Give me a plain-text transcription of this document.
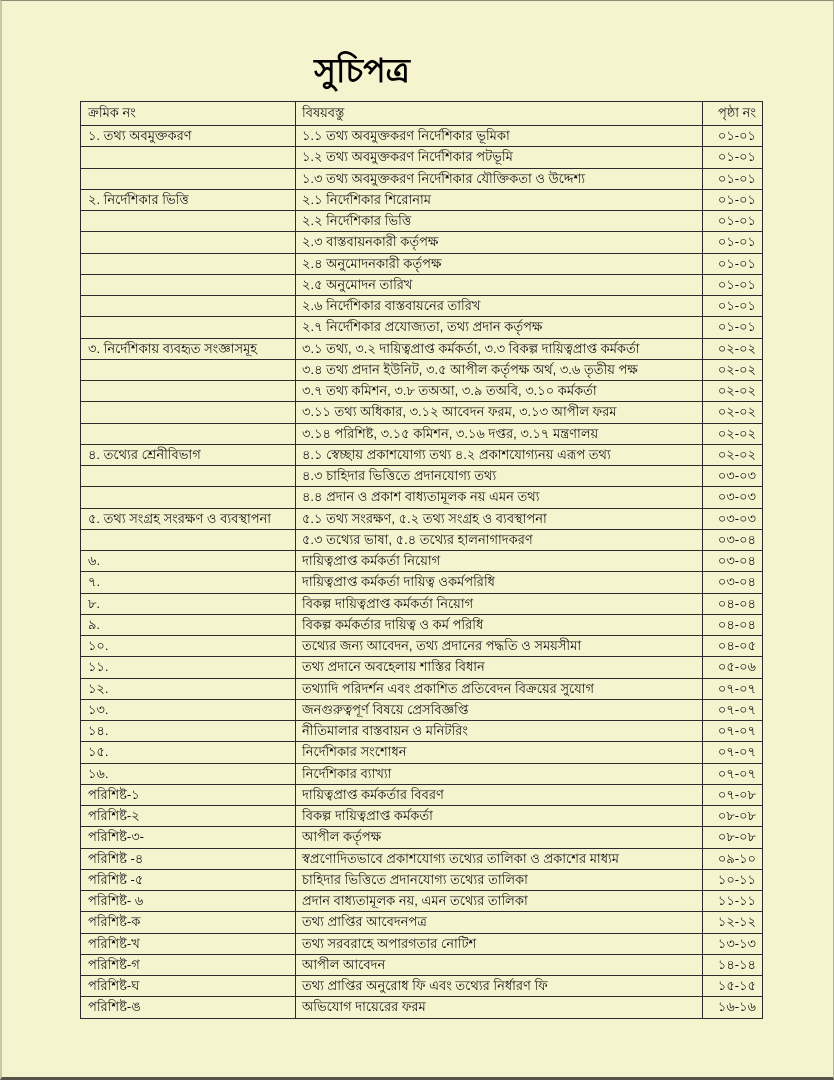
সুচিপত্র
ক্রমিক নং	বিষয়বস্তু	পৃষ্ঠা নং
১. তথ্য অবমুক্তকরণ	১.১ তথ্য অবমুক্তকরণ নির্দেশিকার ভূমিকা	০১-০১
	১.২ তথ্য অবমুক্তকরণ নির্দেশিকার পটভূমি	০১-০১
	১.৩ তথ্য অবমুক্তকরণ নির্দেশিকার যৌক্তিকতা ও উদ্দেশ্য	০১-০১
২. নির্দেশিকার ভিত্তি	২.১ নির্দেশিকার শিরোনাম	০১-০১
	২.২ নির্দেশিকার ভিত্তি	০১-০১
	২.৩ বাস্তবায়নকারী কর্তৃপক্ষ	০১-০১
	২.৪ অনুমোদনকারী কর্তৃপক্ষ	০১-০১
	২.৫ অনুমোদন তারিখ	০১-০১
	২.৬ নির্দেশিকার বাস্তবায়নের তারিখ	০১-০১
	২.৭ নির্দেশিকার প্রযোজ্যতা, তথ্য প্রদান কর্তৃপক্ষ	০১-০১
৩. নির্দেশিকায় ব্যবহৃত সংজ্ঞাসমূহ	৩.১ তথ্য, ৩.২ দায়িত্বপ্রাপ্ত কর্মকর্তা, ৩.৩ বিকল্প দায়িত্বপ্রাপ্ত কর্মকর্তা	০২-০২
	৩.৪ তথ্য প্রদান ইউনিট, ৩.৫ আপীল কর্তৃপক্ষ অর্থ, ৩.৬ তৃতীয় পক্ষ	০২-০২
	৩.৭ তথ্য কমিশন, ৩.৮ তঅআ, ৩.৯ তঅবি, ৩.১০ কর্মকর্তা	০২-০২
	৩.১১ তথ্য অধিকার, ৩.১২ আবেদন ফরম, ৩.১৩ আপীল ফরম	০২-০২
	৩.১৪ পরিশিষ্ট, ৩.১৫ কমিশন, ৩.১৬ দপ্তর, ৩.১৭ মন্ত্রণালয়	০২-০২
৪. তথ্যের শ্রেনীবিভাগ	৪.১ স্বেচ্ছায় প্রকাশযোগ্য তথ্য ৪.২ প্রকাশযোগ্যনয় এরূপ তথ্য	০২-০২
	৪.৩ চাহিদার ভিত্তিতে প্রদানযোগ্য তথ্য	০৩-০৩
	৪.৪ প্রদান ও প্রকাশ বাধ্যতামূলক নয় এমন তথ্য	০৩-০৩
৫. তথ্য সংগ্রহ সংরক্ষণ ও ব্যবস্থাপনা	৫.১ তথ্য সংরক্ষণ, ৫.২ তথ্য সংগ্রহ ও ব্যবস্থাপনা	০৩-০৩
	৫.৩ তথ্যের ভাষা, ৫.৪ তথ্যের হালনাগাদকরণ	০৩-০৪
৬.	দায়িত্বপ্রাপ্ত কর্মকর্তা নিয়োগ	০৩-০৪
৭.	দায়িত্বপ্রাপ্ত কর্মকর্তা দায়িত্ব ওকর্মপরিধি	০৩-০৪
৮.	বিকল্প দায়িত্বপ্রাপ্ত কর্মকর্তা নিয়োগ	০৪-০৪
৯.	বিকল্প কর্মকর্তার দায়িত্ব ও কর্ম পরিধি	০৪-০৪
১০.	তথ্যের জন্য আবেদন, তথ্য প্রদানের পদ্ধতি ও সময়সীমা	০৪-০৫
১১.	তথ্য প্রদানে অবহেলায় শাস্তির বিধান	০৫-০৬
১২.	তথ্যাদি পরিদর্শন এবং প্রকাশিত প্রতিবেদন বিক্রয়ের সুযোগ	০৭-০৭
১৩.	জনগুরুত্বপূর্ণ বিষয়ে প্রেসবিজ্ঞপ্তি	০৭-০৭
১৪.	নীতিমালার বাস্তবায়ন ও মনিটরিং	০৭-০৭
১৫.	নির্দেশিকার সংশোধন	০৭-০৭
১৬.	নির্দেশিকার ব্যাখ্যা	০৭-০৭
পরিশিষ্ট-১	দায়িত্বপ্রাপ্ত কর্মকর্তার বিবরণ	০৭-০৮
পরিশিষ্ট-২	বিকল্প দায়িত্বপ্রাপ্ত কর্মকর্তা	০৮-০৮
পরিশিষ্ট-৩-	আপীল কর্তৃপক্ষ	০৮-০৮
পরিশিষ্ট -৪	স্বপ্রণোদিতভাবে প্রকাশযোগ্য তথ্যের তালিকা ও প্রকাশের মাধ্যম	০৯-১০
পরিশিষ্ট -৫	চাহিদার ভিত্তিতে প্রদানযোগ্য তথ্যের তালিকা	১০-১১
পরিশিষ্ট- ৬	প্রদান বাধ্যতামূলক নয়, এমন তথ্যের তালিকা	১১-১১
পরিশিষ্ট-ক	তথ্য প্রাপ্তির আবেদনপত্র	১২-১২
পরিশিষ্ট-খ	তথ্য সরবরাহে অপারগতার নোটিশ	১৩-১৩
পরিশিষ্ট-গ	আপীল আবেদন	১৪-১৪
পরিশিষ্ট-ঘ	তথ্য প্রাপ্তির অনুরোধ ফি এবং তথ্যের নির্ধারণ ফি	১৫-১৫
পরিশিষ্ট-ঙ	অভিযোগ দায়েরের ফরম	১৬-১৬
